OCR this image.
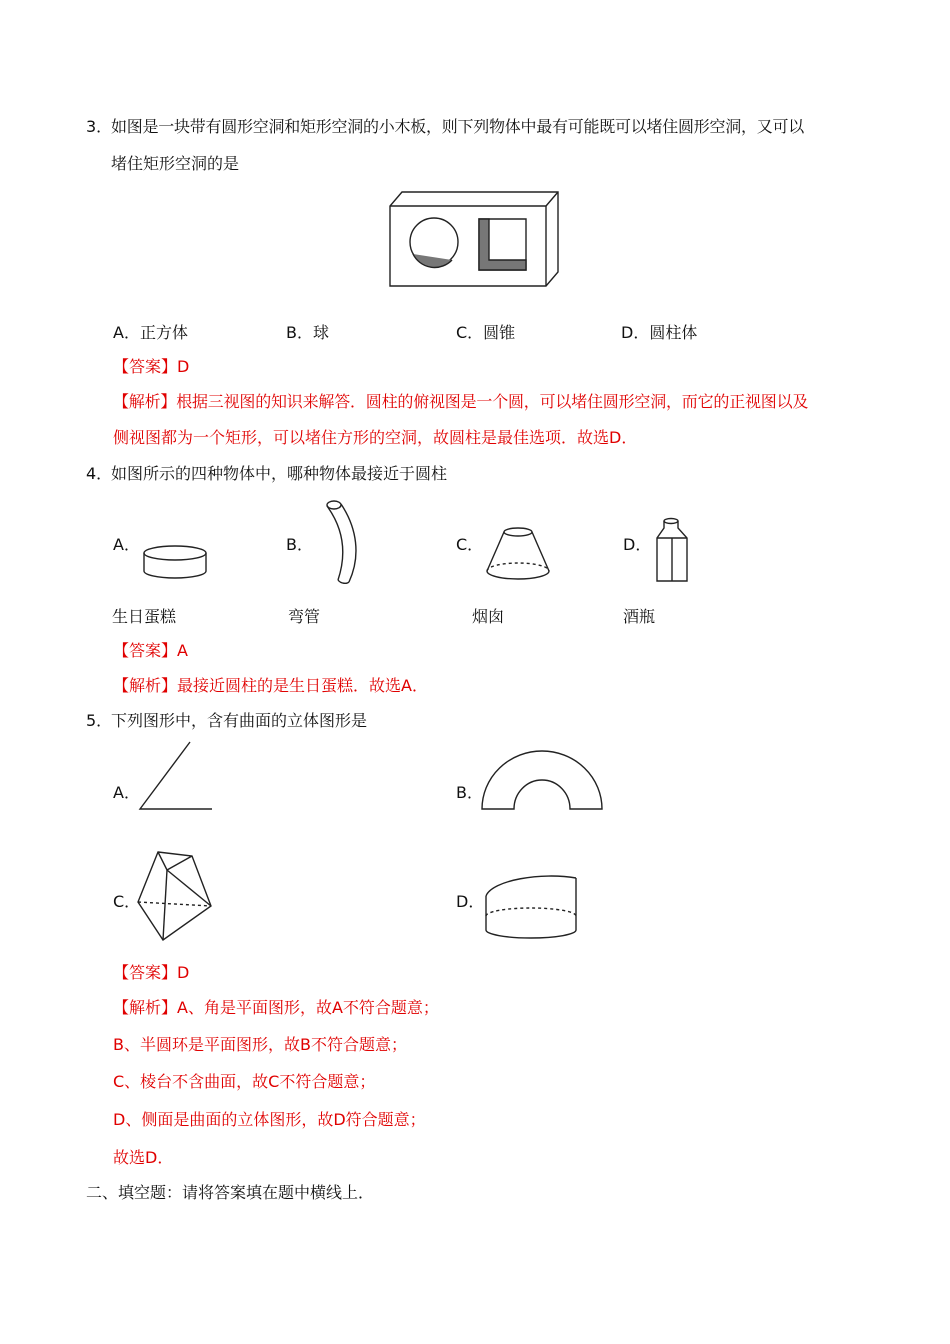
3．
如图是一块带有圆形空洞和矩形空洞的小木板，则下列物体中最有可能既可以堵住圆形空洞，又可以
堵住矩形空洞的是
A．正方体	B．球	C．圆锥	D．圆柱体
【答案】D
【解析】根据三视图的知识来解答．圆柱的俯视图是一个圆，可以堵住圆形空洞，而它的正视图以及
侧视图都为一个矩形，可以堵住方形的空洞，故圆柱是最佳选项．故选D．
4．
如图所示的四种物体中，哪种物体最接近于圆柱
A．	B．	C．	D．
生日蛋糕	弯管	烟囱	酒瓶
【答案】A
【解析】最接近圆柱的是生日蛋糕．故选A．
5．
下列图形中，含有曲面的立体图形是
A．	B．
C．	D．
【答案】D
【解析】A、角是平面图形，故A不符合题意；
B、半圆环是平面图形，故B不符合题意；
C、棱台不含曲面，故C不符合题意；
D、侧面是曲面的立体图形，故D符合题意；
故选D．
二、填空题：请将答案填在题中横线上．
